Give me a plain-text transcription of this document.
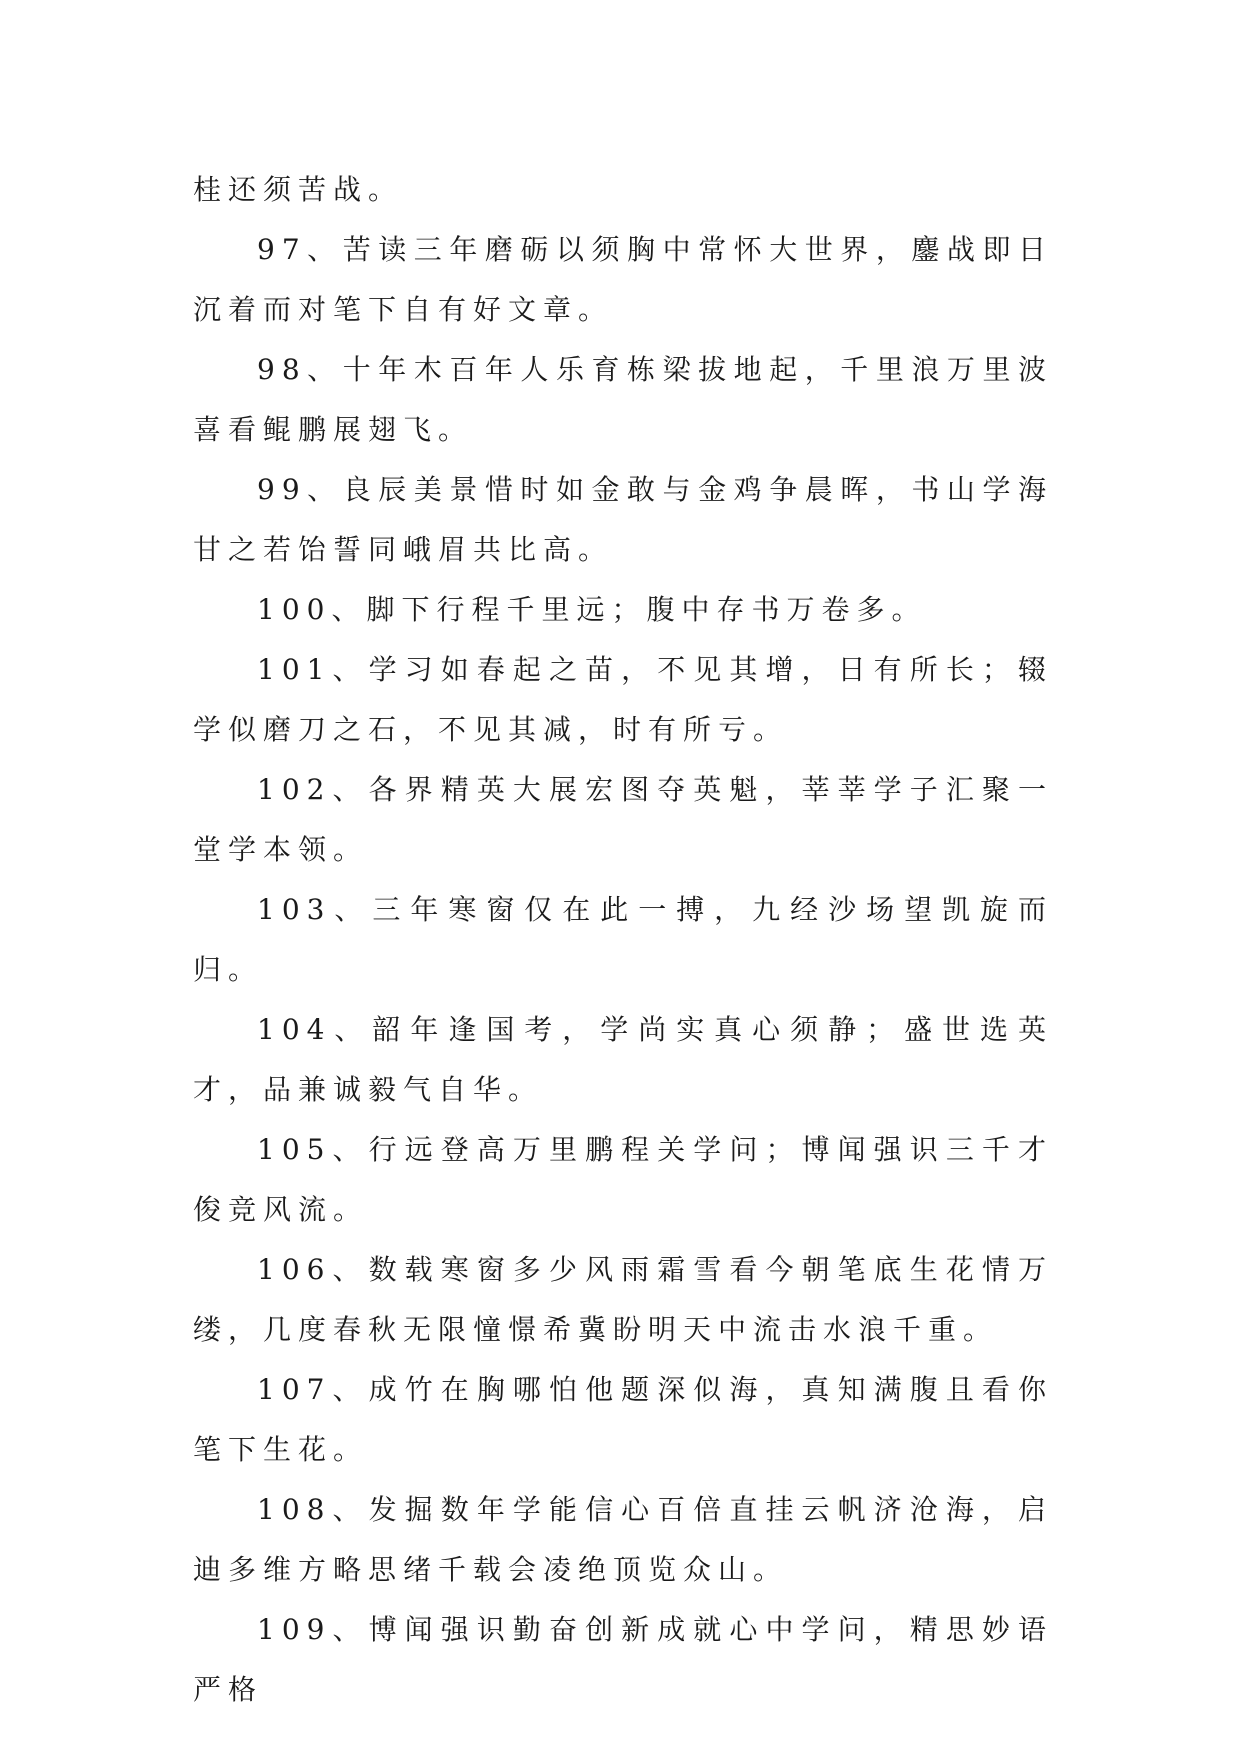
桂还须苦战。

97、苦读三年磨砺以须胸中常怀大世界，鏖战即日沉着而对笔下自有好文章。

98、十年木百年人乐育栋梁拔地起，千里浪万里波喜看鲲鹏展翅飞。

99、良辰美景惜时如金敢与金鸡争晨晖，书山学海甘之若饴誓同峨眉共比高。

100、脚下行程千里远；腹中存书万卷多。

101、学习如春起之苗，不见其增，日有所长；辍学似磨刀之石，不见其减，时有所亏。

102、各界精英大展宏图夺英魁，莘莘学子汇聚一堂学本领。

103、三年寒窗仅在此一搏，九经沙场望凯旋而归。

104、韶年逢国考，学尚实真心须静；盛世选英才，品兼诚毅气自华。

105、行远登高万里鹏程关学问；博闻强识三千才俊竞风流。

106、数载寒窗多少风雨霜雪看今朝笔底生花情万缕，几度春秋无限憧憬希冀盼明天中流击水浪千重。

107、成竹在胸哪怕他题深似海，真知满腹且看你笔下生花。

108、发掘数年学能信心百倍直挂云帆济沧海，启迪多维方略思绪千载会凌绝顶览众山。

109、博闻强识勤奋创新成就心中学问，精思妙语严格
